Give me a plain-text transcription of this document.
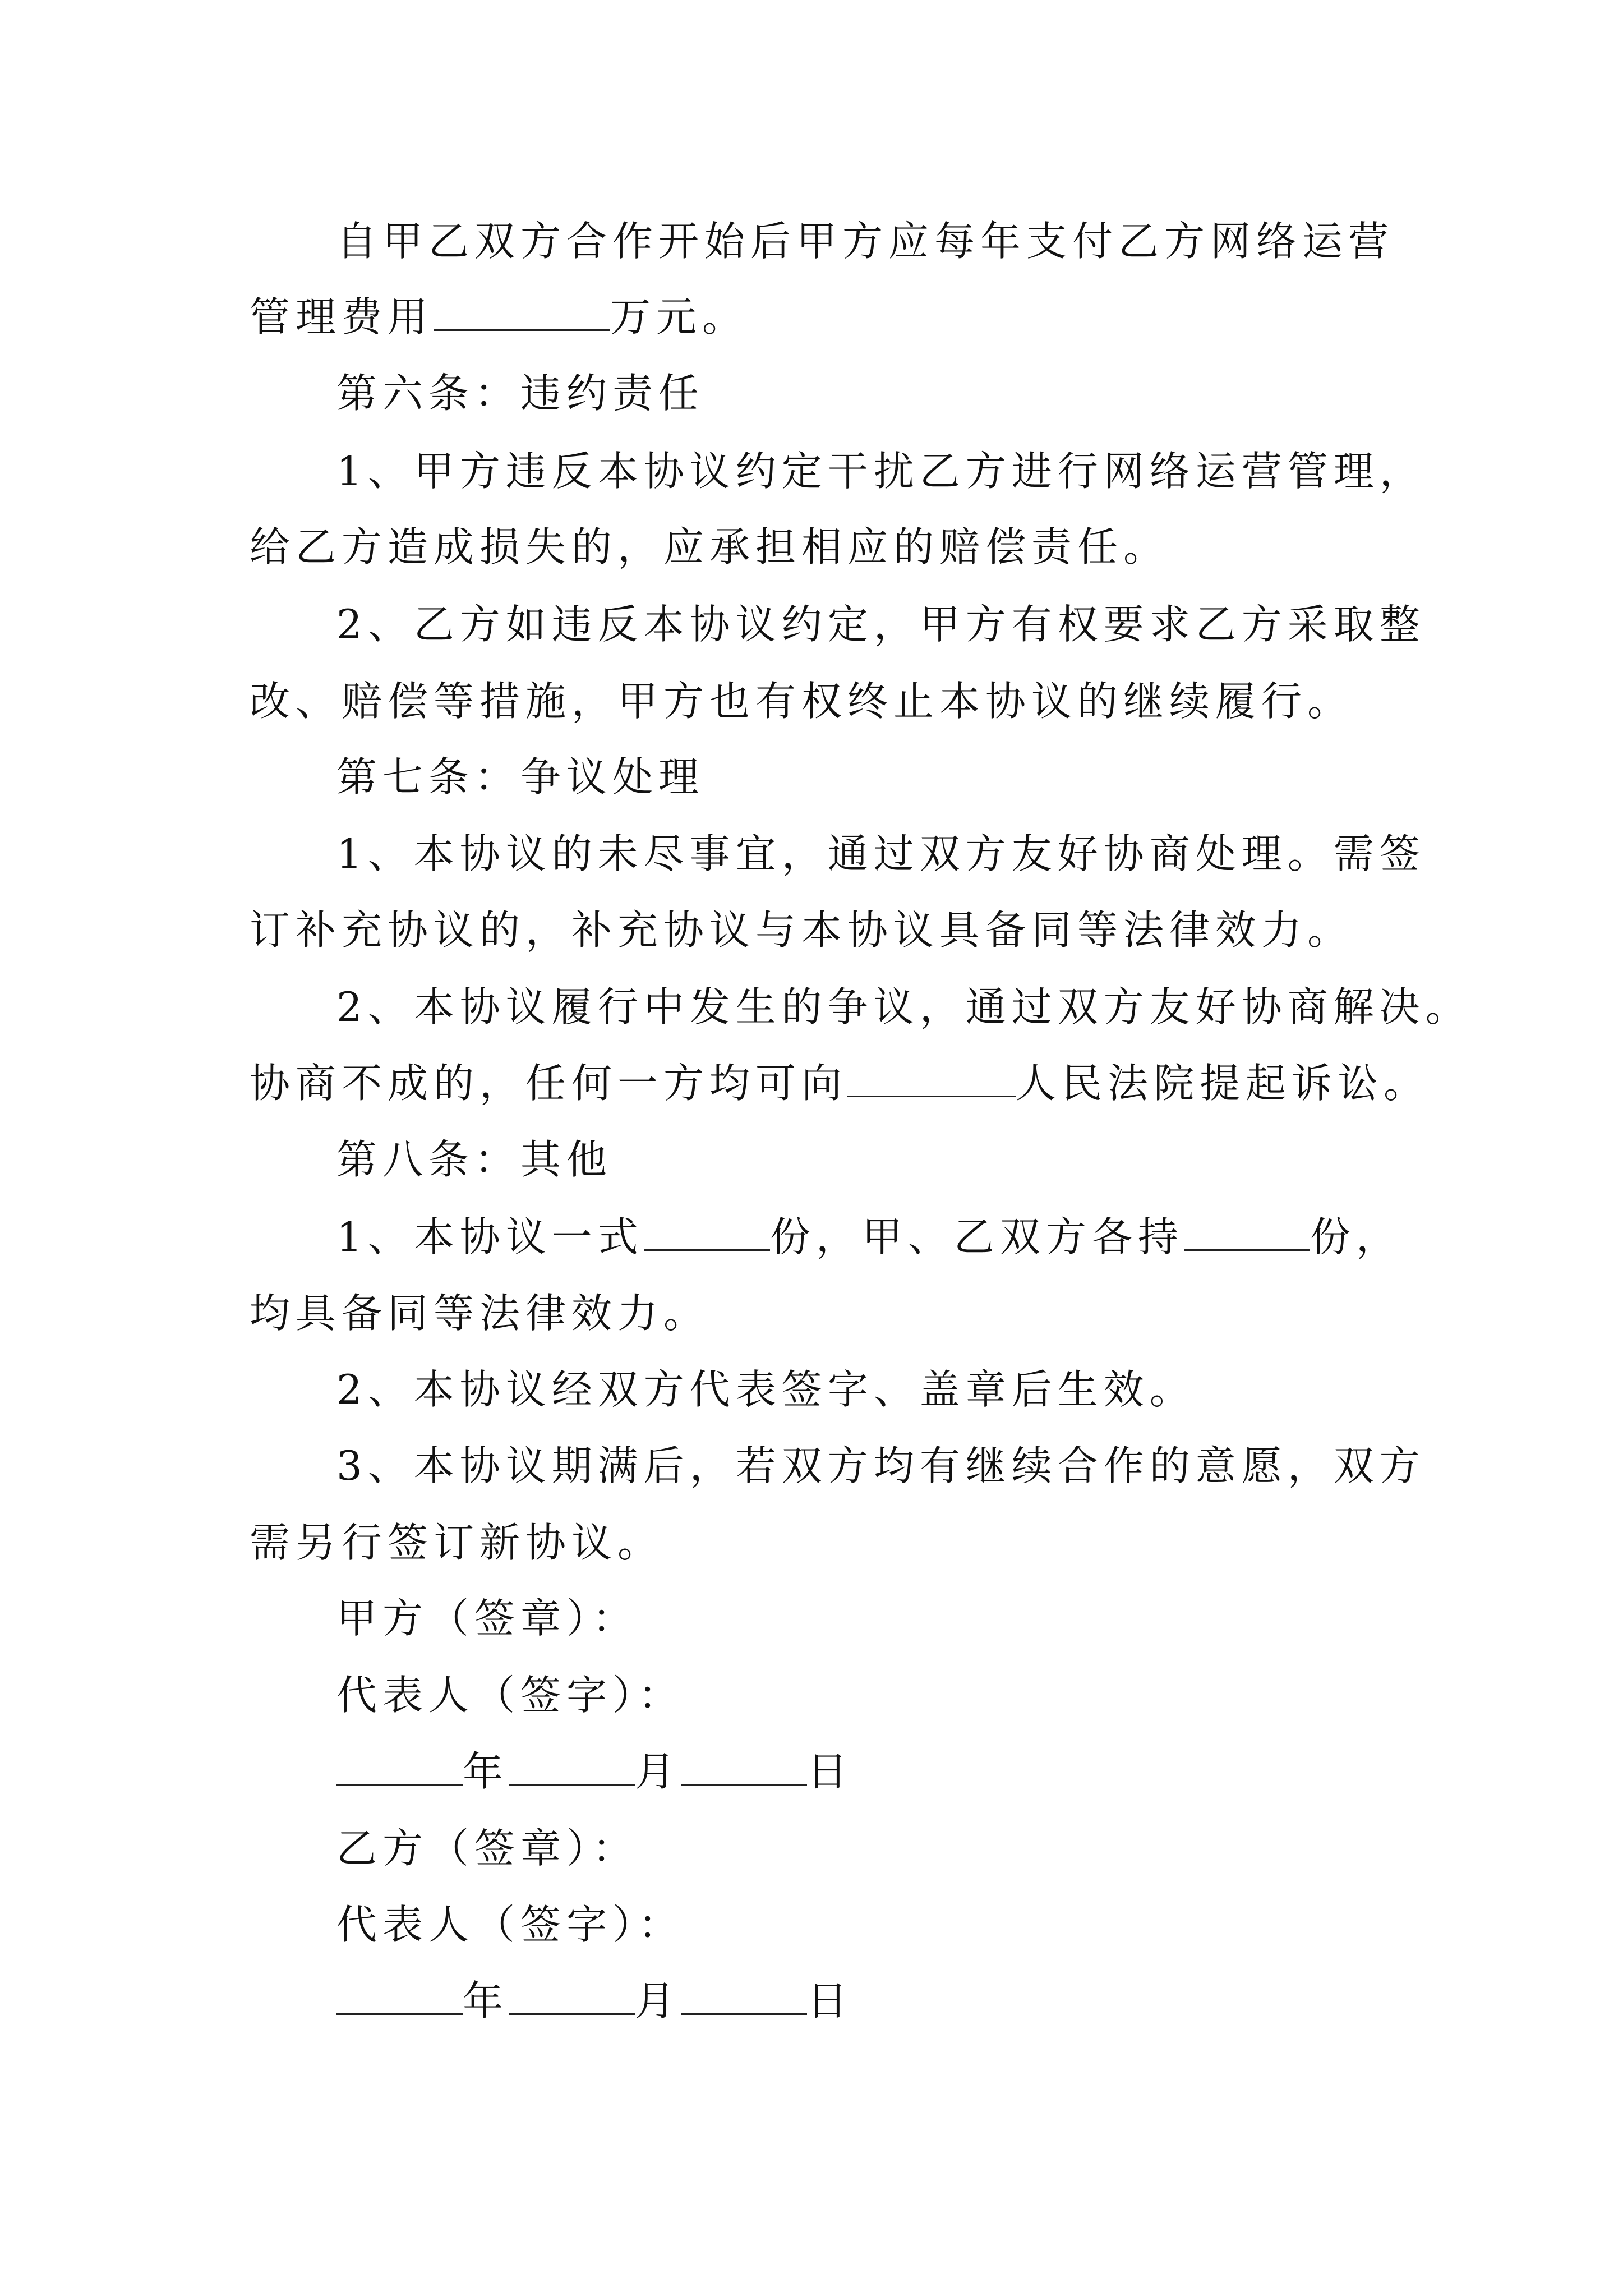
自甲乙双方合作开始后甲方应每年支付乙方网络运营
管理费用	万元。
第六条：违约责任
1、甲方违反本协议约定干扰乙方进行网络运营管理，
给乙方造成损失的，应承担相应的赔偿责任。
2、乙方如违反本协议约定，甲方有权要求乙方采取整
改、赔偿等措施，甲方也有权终止本协议的继续履行。
第七条：争议处理
1、本协议的未尽事宜，通过双方友好协商处理。需签
订补充协议的，补充协议与本协议具备同等法律效力。
2、本协议履行中发生的争议，通过双方友好协商解决。
协商不成的，任何一方均可向	人民法院提起诉讼。
第八条：其他
1、本协议一式	份，甲、乙双方各持	份，
均具备同等法律效力。
2、本协议经双方代表签字、盖章后生效。
3、本协议期满后，若双方均有继续合作的意愿，双方
需另行签订新协议。
甲方（签章）：
代表人（签字）：
年	月	日
乙方（签章）：
代表人（签字）：
年	月	日
